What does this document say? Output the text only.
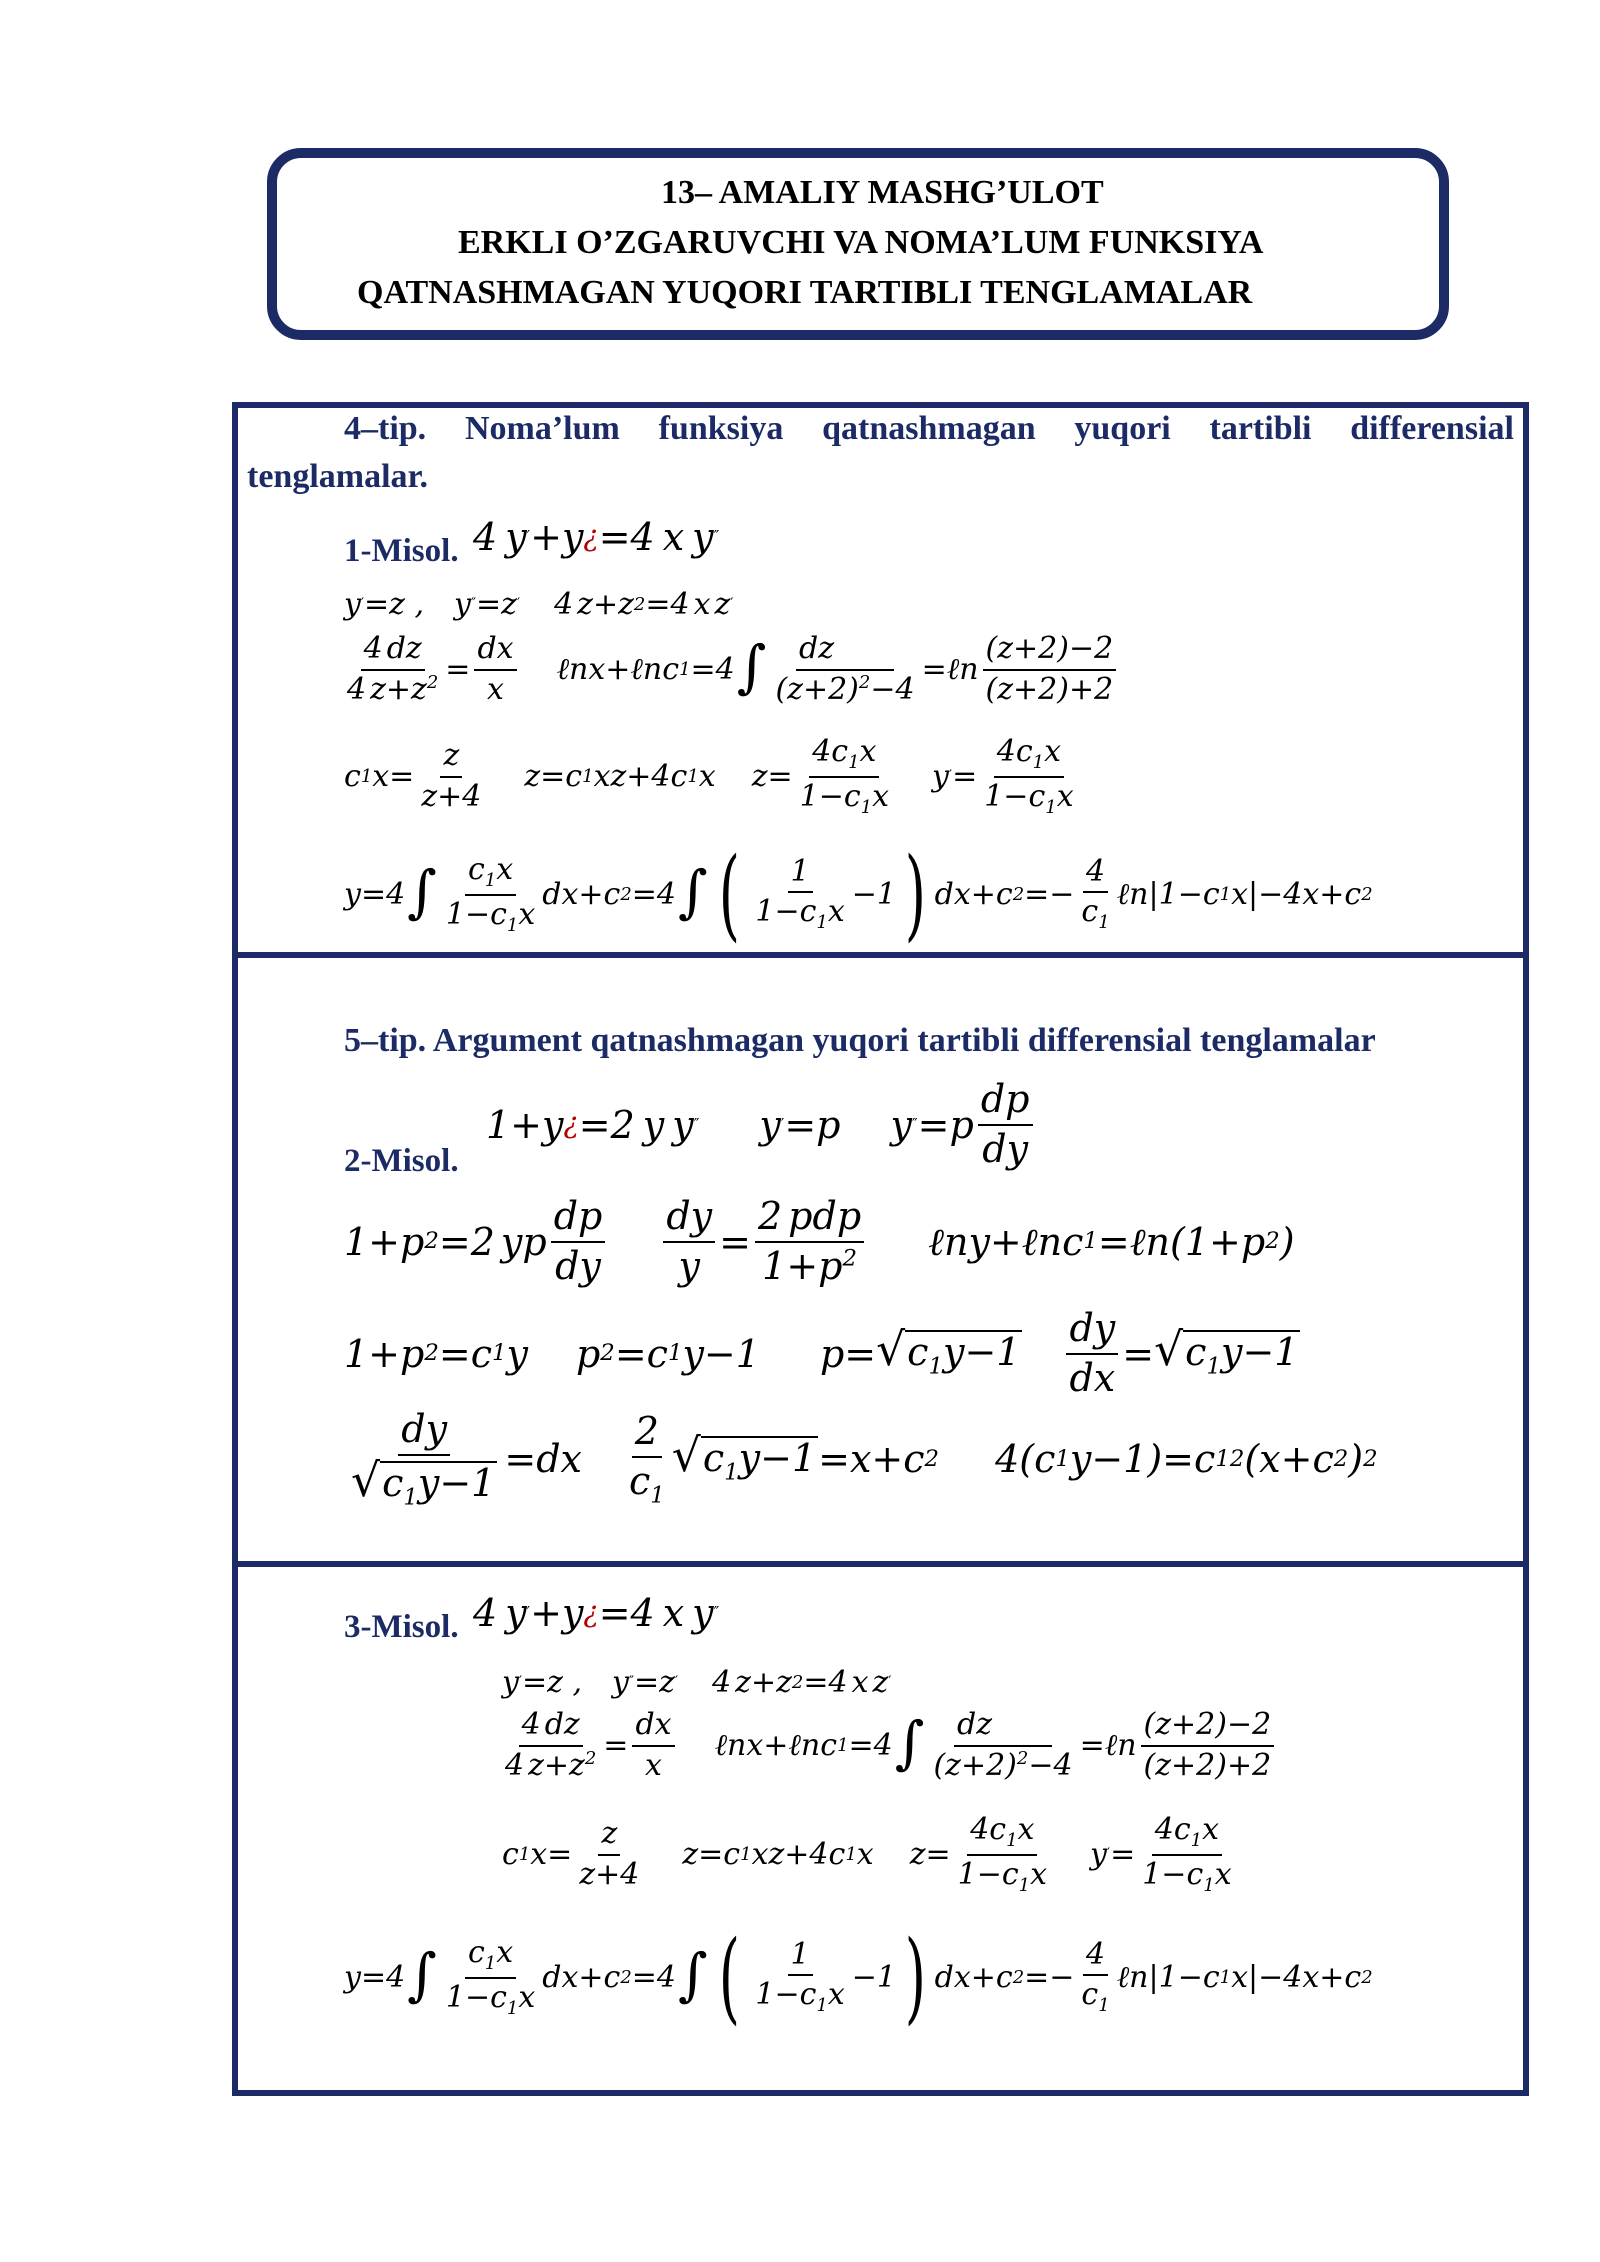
13– AMALIY MASHG’ULOT
ERKLI O’ZGARUVCHI VA NOMA’LUM FUNKSIYA
QATNASHMAGAN YUQORI TARTIBLI TENGLAMALAR
4–tip. Noma’lum funksiya qatnashmagan yuqori tartibli differensial
tenglamalar.
1-Misol. 4 y ′ +y ¿ =4 x y ″
y ′ =z , y ″ =z ′ 4 z+z 2 =4 x z ′
$\frac{4 dz}{4 z+z^2} = \frac{dx}{x}$ ℓnx+ℓnc 1 =4 ∫ $\frac{dz}{(z+2)^2-4}$ =ℓn $\frac{(z+2)-2}{(z+2)+2}$
c 1 $x= \frac{z}{z+4} z=c$ 1 xz+4c 1 x $z= \frac{4c_1x}{1-c_1x}$ y ′ = $\frac{4c_1x}{1-c_1x}$
y=4 ∫ $\frac{c_1x}{1-c_1x} dx+c$ 2 =4 ∫ ( $\frac{1}{1-c_1x} -1$ ) dx+c $2 =- \frac{4}{c_1}$ ℓn|1−c 1 x|−4x+c 2
5–tip. Argument qatnashmagan yuqori tartibli differensial tenglamalar
1+y ¿ =2 y y ″ y ′ =p y ″ $=p \frac{dp}{dy}$
2-Misol.
1+p 2 =2 yp $\frac{dp}{dy} \frac{dy}{y} = \frac{\text{2 pdp}}{1+p^2}$ ℓny+ℓnc 1 =ℓn(1+p 2 )
1+p 2 =c 1 y p 2 =c 1 y−1 p= √ $c_1y-1 \frac{dy}{dx}$ = √ $c_1y-1$
$\frac{dy}{√ c_1y-1} =dx \frac{2}{c_1}$ √ $c_1y-1 =x+c$ 2 4(c 1 y−1)=c 1 2 (x+c 2 ) 2
3-Misol. 4 y ′ +y ¿ =4 x y ″
y ′ =z , y ″ =z ′ 4 z+z 2 =4 x z ′
$\frac{4 dz}{4 z+z^2} = \frac{dx}{x}$ ℓnx+ℓnc 1 =4 ∫ $\frac{dz}{(z+2)^2-4}$ =ℓn $\frac{(z+2)-2}{(z+2)+2}$
c 1 $x= \frac{z}{z+4} z=c$ 1 xz+4c 1 x $z= \frac{4c_1x}{1-c_1x}$ y ′ = $\frac{4c_1x}{1-c_1x}$
y=4 ∫ $\frac{c_1x}{1-c_1x} dx+c$ 2 =4 ∫ ( $\frac{1}{1-c_1x} -1$ ) dx+c $2 =- \frac{4}{c_1}$ ℓn|1−c 1 x|−4x+c 2
